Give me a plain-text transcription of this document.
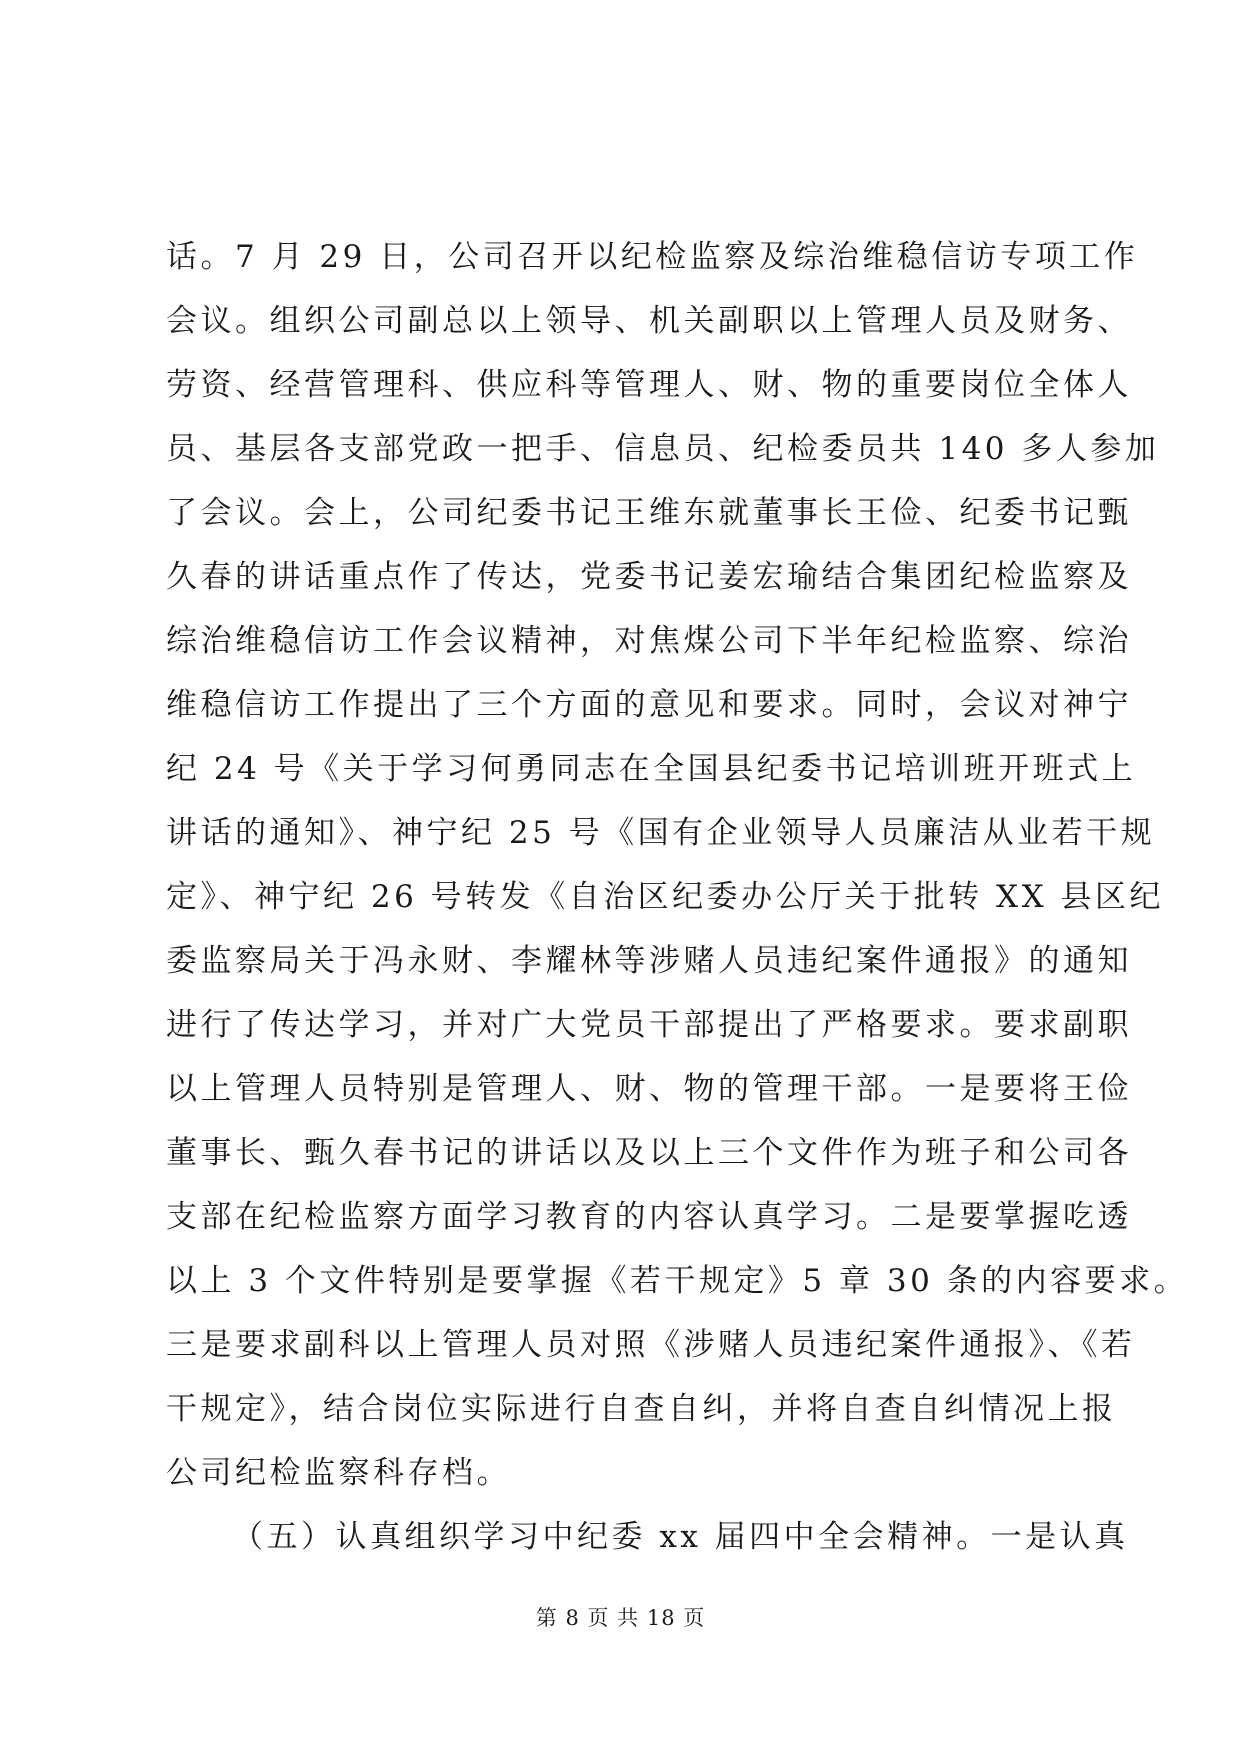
话。7 月 29 日，公司召开以纪检监察及综治维稳信访专项工作
会议。组织公司副总以上领导、机关副职以上管理人员及财务、
劳资、经营管理科、供应科等管理人、财、物的重要岗位全体人
员、基层各支部党政一把手、信息员、纪检委员共 140 多人参加
了会议。会上，公司纪委书记王维东就董事长王俭、纪委书记甄
久春的讲话重点作了传达，党委书记姜宏瑜结合集团纪检监察及
综治维稳信访工作会议精神，对焦煤公司下半年纪检监察、综治
维稳信访工作提出了三个方面的意见和要求。同时，会议对神宁
纪 24 号《关于学习何勇同志在全国县纪委书记培训班开班式上
讲话的通知》、神宁纪 25 号《国有企业领导人员廉洁从业若干规
定》、神宁纪 26 号转发《自治区纪委办公厅关于批转 XX 县区纪
委监察局关于冯永财、李耀林等涉赌人员违纪案件通报》的通知
进行了传达学习，并对广大党员干部提出了严格要求。要求副职
以上管理人员特别是管理人、财、物的管理干部。一是要将王俭
董事长、甄久春书记的讲话以及以上三个文件作为班子和公司各
支部在纪检监察方面学习教育的内容认真学习。二是要掌握吃透
以上 3 个文件特别是要掌握《若干规定》5 章 30 条的内容要求。
三是要求副科以上管理人员对照《涉赌人员违纪案件通报》、《若
干规定》，结合岗位实际进行自查自纠，并将自查自纠情况上报
公司纪检监察科存档。
（五）认真组织学习中纪委 xx 届四中全会精神。一是认真
第 8 页 共 18 页
